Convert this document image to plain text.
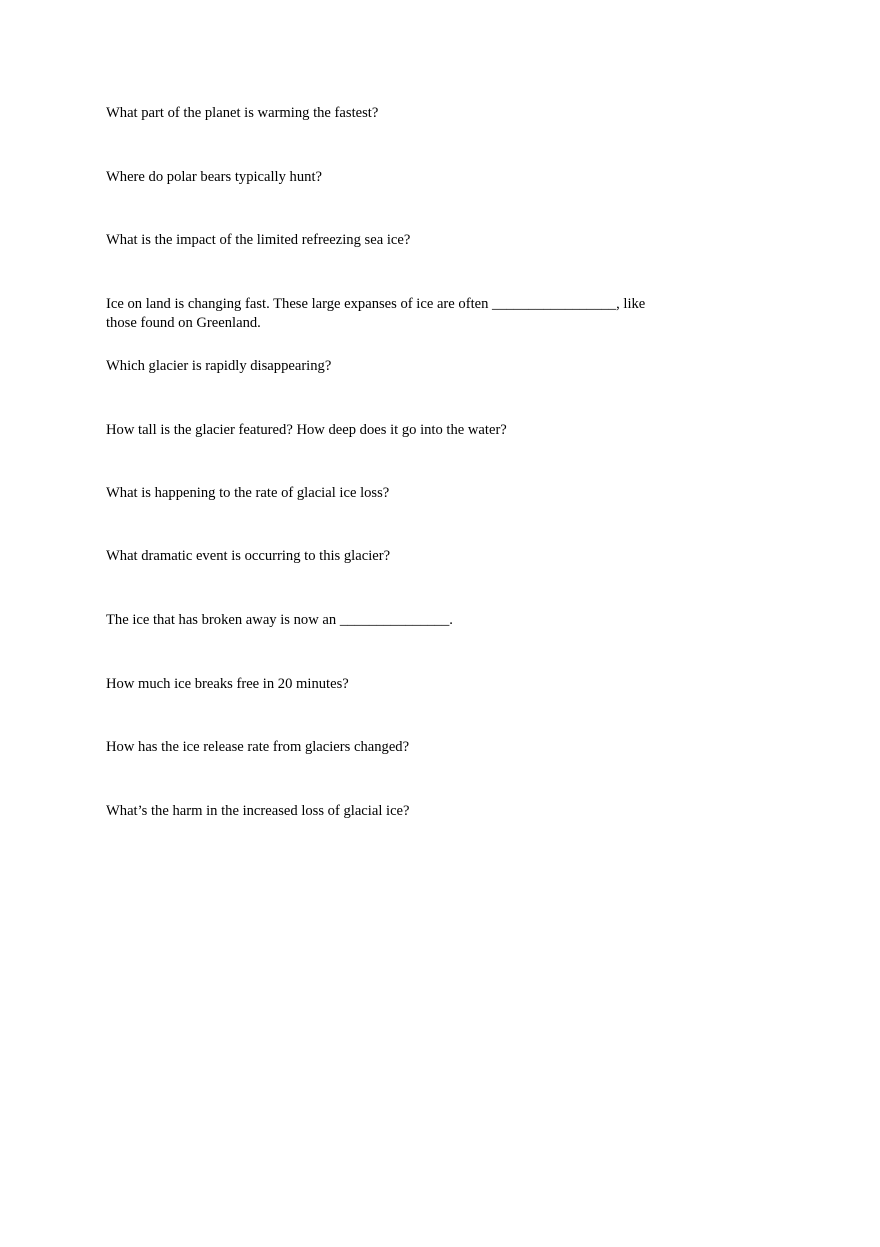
What part of the planet is warming the fastest?

Where do polar bears typically hunt?

What is the impact of the limited refreezing sea ice?

Ice on land is changing fast. These large expanses of ice are often _________________, like those found on Greenland.

Which glacier is rapidly disappearing?

How tall is the glacier featured? How deep does it go into the water?

What is happening to the rate of glacial ice loss?

What dramatic event is occurring to this glacier?

The ice that has broken away is now an _______________.

How much ice breaks free in 20 minutes?

How has the ice release rate from glaciers changed?

What’s the harm in the increased loss of glacial ice?
